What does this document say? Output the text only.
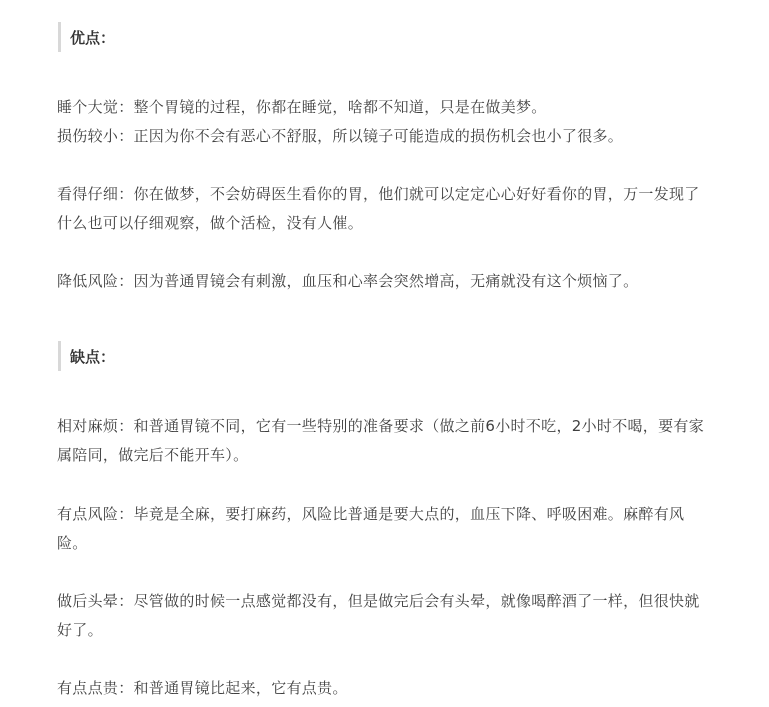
优点：

睡个大觉：整个胃镜的过程，你都在睡觉，啥都不知道，只是在做美梦。

损伤较小：正因为你不会有恶心不舒服，所以镜子可能造成的损伤机会也小了很多。

看得仔细：你在做梦，不会妨碍医生看你的胃，他们就可以定定心心好好看你的胃，万一发现了什么也可以仔细观察，做个活检，没有人催。

降低风险：因为普通胃镜会有刺激，血压和心率会突然增高，无痛就没有这个烦恼了。

缺点：

相对麻烦：和普通胃镜不同，它有一些特别的准备要求（做之前6小时不吃，2小时不喝，要有家属陪同，做完后不能开车）。

有点风险：毕竟是全麻，要打麻药，风险比普通是要大点的，血压下降、呼吸困难。麻醉有风险。

做后头晕：尽管做的时候一点感觉都没有，但是做完后会有头晕，就像喝醉酒了一样，但很快就好了。

有点点贵：和普通胃镜比起来，它有点贵。
